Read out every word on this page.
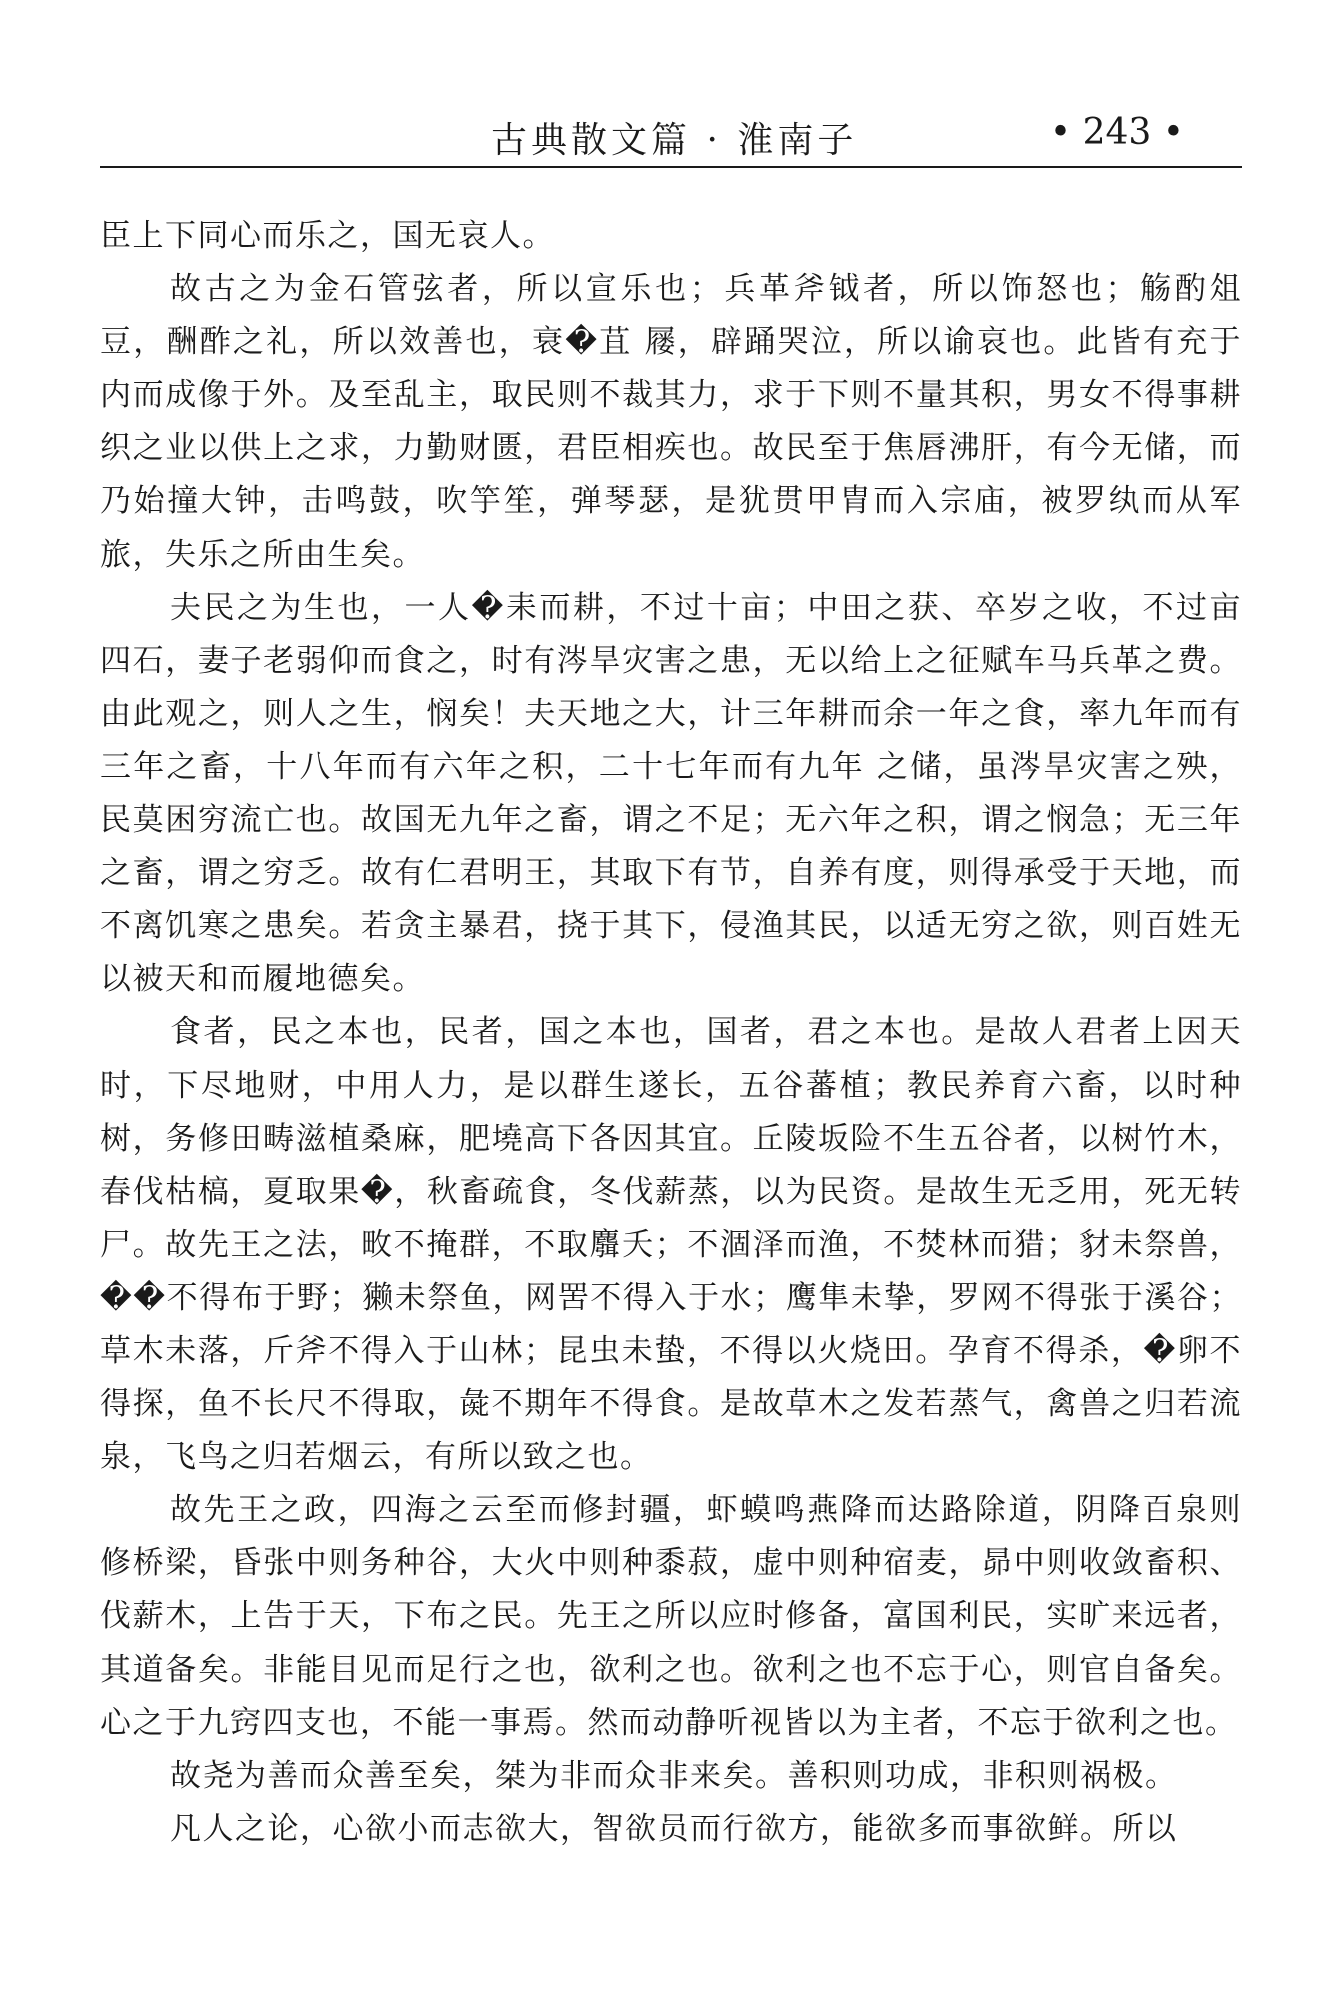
古典散文篇 · 淮南子	• 243 •

臣上下同心而乐之，国无哀人。

故古之为金石管弦者，所以宣乐也；兵革斧钺者，所以饰怒也；觞酌俎豆，酬酢之礼，所以效善也，衰�苴 屦，辟踊哭泣，所以谕哀也。此皆有充于内而成像于外。及至乱主，取民则不裁其力，求于下则不量其积，男女不得事耕织之业以供上之求，力勤财匮，君臣相疾也。故民至于焦唇沸肝，有今无储，而乃始撞大钟，击鸣鼓，吹竽笙，弹琴瑟，是犹贯甲胄而入宗庙，被罗纨而从军旅，失乐之所由生矣。

夫民之为生也，一人�耒而耕，不过十亩；中田之获、卒岁之收，不过亩四石，妻子老弱仰而食之，时有涔旱灾害之患，无以给上之征赋车马兵革之费。由此观之，则人之生，悯矣！夫天地之大，计三年耕而余一年之食，率九年而有三年之畜，十八年而有六年之积，二十七年而有九年 之储，虽涔旱灾害之殃，民莫困穷流亡也。故国无九年之畜，谓之不足；无六年之积，谓之悯急；无三年之畜，谓之穷乏。故有仁君明王，其取下有节，自养有度，则得承受于天地，而不离饥寒之患矣。若贪主暴君，挠于其下，侵渔其民，以适无穷之欲，则百姓无以被天和而履地德矣。

食者，民之本也，民者，国之本也，国者，君之本也。是故人君者上因天时，下尽地财，中用人力，是以群生遂长，五谷蕃植；教民养育六畜，以时种树，务修田畴滋植桑麻，肥墝高下各因其宜。丘陵坂险不生五谷者，以树竹木，春伐枯槁，夏取果�，秋畜疏食，冬伐薪蒸，以为民资。是故生无乏用，死无转尸。故先王之法，畋不掩群，不取麛夭；不涸泽而渔，不焚林而猎；豺未祭兽，��不得布于野；獭未祭鱼，网罟不得入于水；鹰隼未挚，罗网不得张于溪谷；草木未落，斤斧不得入于山林；昆虫未蛰，不得以火烧田。孕育不得杀，�卵不得探，鱼不长尺不得取，彘不期年不得食。是故草木之发若蒸气，禽兽之归若流泉，飞鸟之归若烟云，有所以致之也。

故先王之政，四海之云至而修封疆，虾蟆鸣燕降而达路除道，阴降百泉则修桥梁，昏张中则务种谷，大火中则种黍菽，虚中则种宿麦，昴中则收敛畜积、伐薪木，上告于天，下布之民。先王之所以应时修备，富国利民，实旷来远者，其道备矣。非能目见而足行之也，欲利之也。欲利之也不忘于心，则官自备矣。心之于九窍四支也，不能一事焉。然而动静听视皆以为主者，不忘于欲利之也。

故尧为善而众善至矣，桀为非而众非来矣。善积则功成，非积则祸极。

凡人之论，心欲小而志欲大，智欲员而行欲方，能欲多而事欲鲜。所以
